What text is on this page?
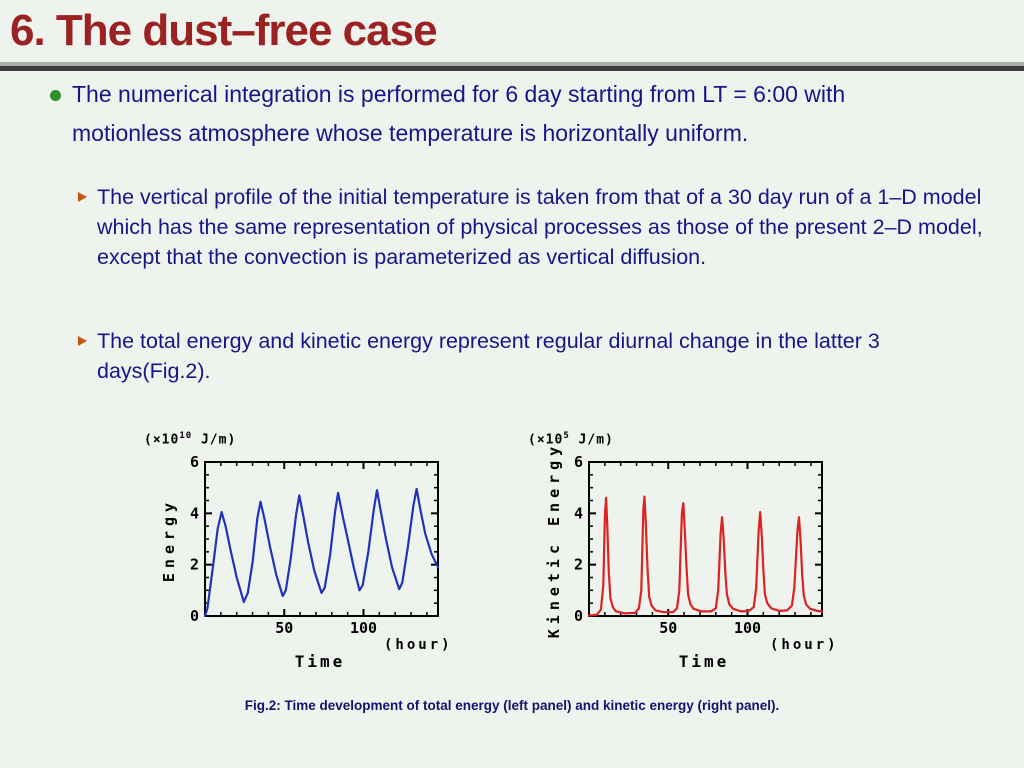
6. The dust–free case
The numerical integration is performed for 6 day starting from LT = 6:00 with motionless atmosphere whose temperature is horizontally uniform.
The vertical profile of the initial temperature is taken from that of a 30 day run of a 1–D model which has the same representation of physical processes as those of the present 2–D model, except that the convection is parameterized as vertical diffusion.
The total energy and kinetic energy represent regular diurnal change in the latter 3 days(Fig.2).
($\times 10^{10}$ J/m)
Energy
50	100
0
2
4
6
(hour)
Time
($\times 10^5$ J/m)
Kinetic Energy	50	100
0
2
4
6
(hour)
Time
Fig.2: Time development of total energy (left panel) and kinetic energy (right panel).
